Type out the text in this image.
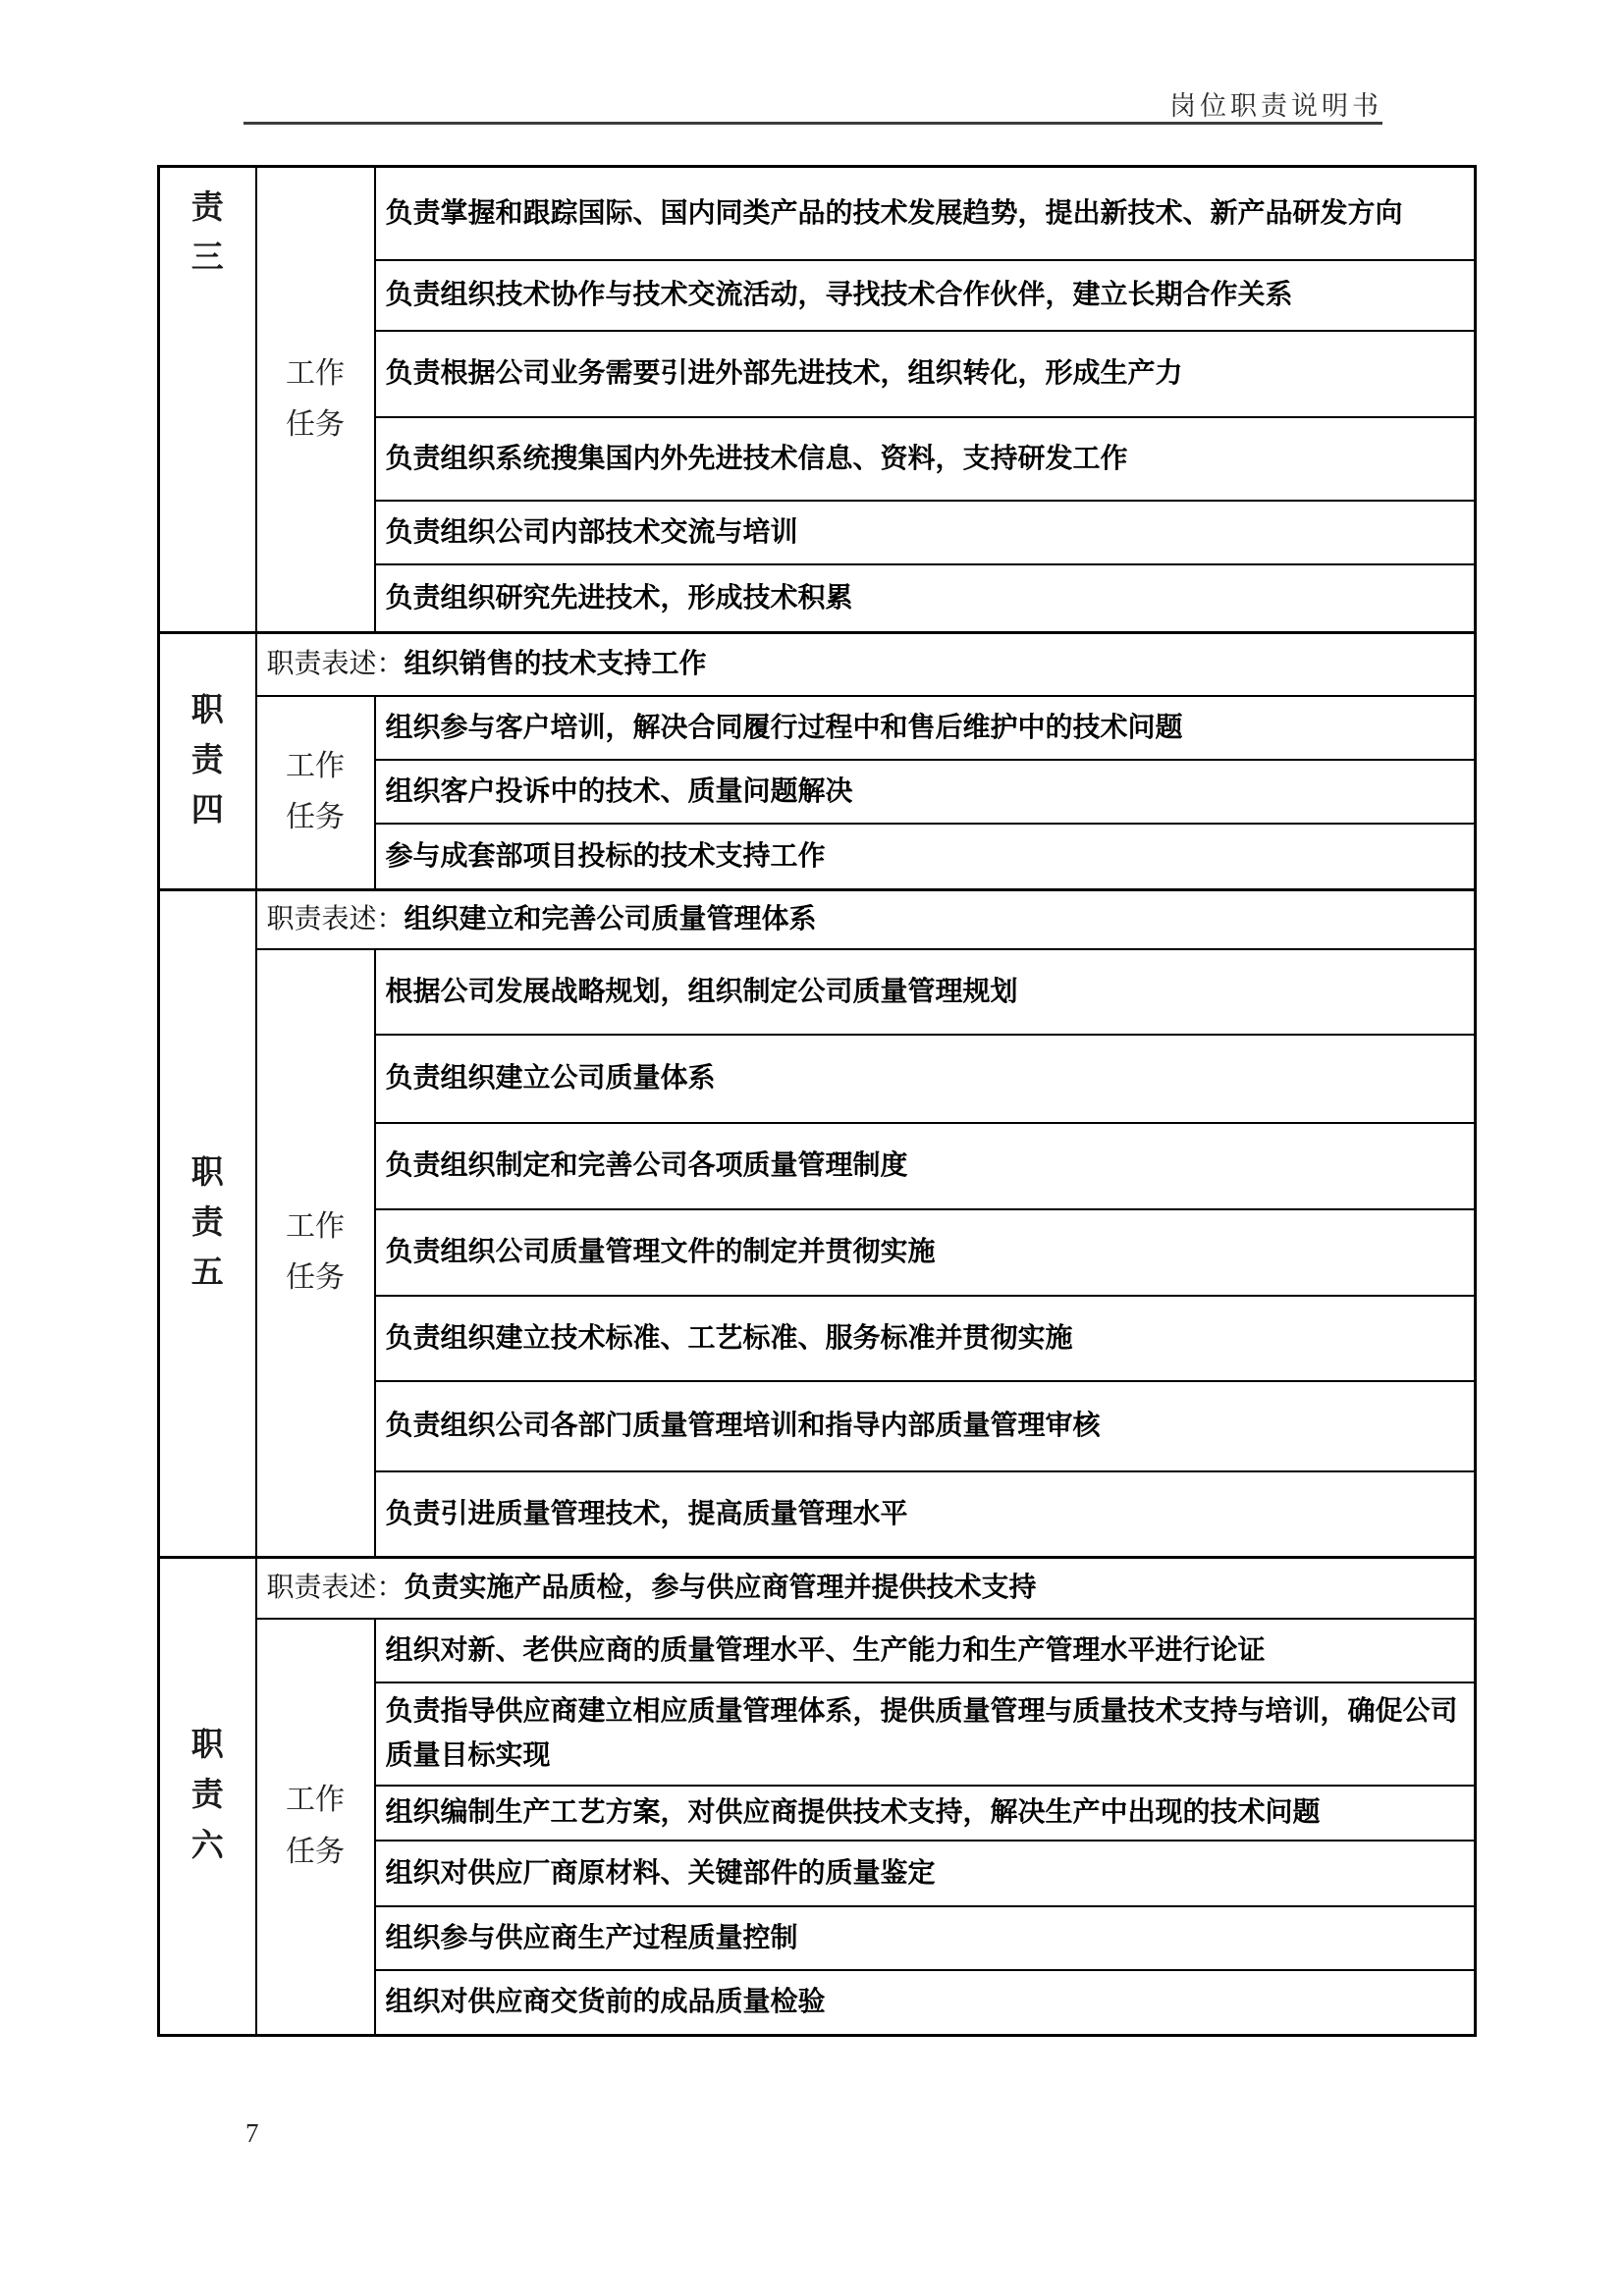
岗位职责说明书
责三	工作任务	负责掌握和跟踪国际、国内同类产品的技术发展趋势，提出新技术、新产品研发方向
		负责组织技术协作与技术交流活动，寻找技术合作伙伴，建立长期合作关系
		负责根据公司业务需要引进外部先进技术，组织转化，形成生产力
		负责组织系统搜集国内外先进技术信息、资料，支持研发工作
		负责组织公司内部技术交流与培训
		负责组织研究先进技术，形成技术积累

职责四	职责表述：组织销售的技术支持工作	

	工作任务	组织参与客户培训，解决合同履行过程中和售后维护中的技术问题
		组织客户投诉中的技术、质量问题解决
		参与成套部项目投标的技术支持工作

职责五	职责表述：组织建立和完善公司质量管理体系	

	工作任务	根据公司发展战略规划，组织制定公司质量管理规划
		负责组织建立公司质量体系
		负责组织制定和完善公司各项质量管理制度
		负责组织公司质量管理文件的制定并贯彻实施
		负责组织建立技术标准、工艺标准、服务标准并贯彻实施
		负责组织公司各部门质量管理培训和指导内部质量管理审核
		负责引进质量管理技术，提高质量管理水平

职责六	职责表述：负责实施产品质检，参与供应商管理并提供技术支持	

	工作任务	组织对新、老供应商的质量管理水平、生产能力和生产管理水平进行论证
		负责指导供应商建立相应质量管理体系，提供质量管理与质量技术支持与培训，确促公司质量目标实现
		组织编制生产工艺方案，对供应商提供技术支持，解决生产中出现的技术问题
		组织对供应厂商原材料、关键部件的质量鉴定
		组织参与供应商生产过程质量控制
		组织对供应商交货前的成品质量检验
7
